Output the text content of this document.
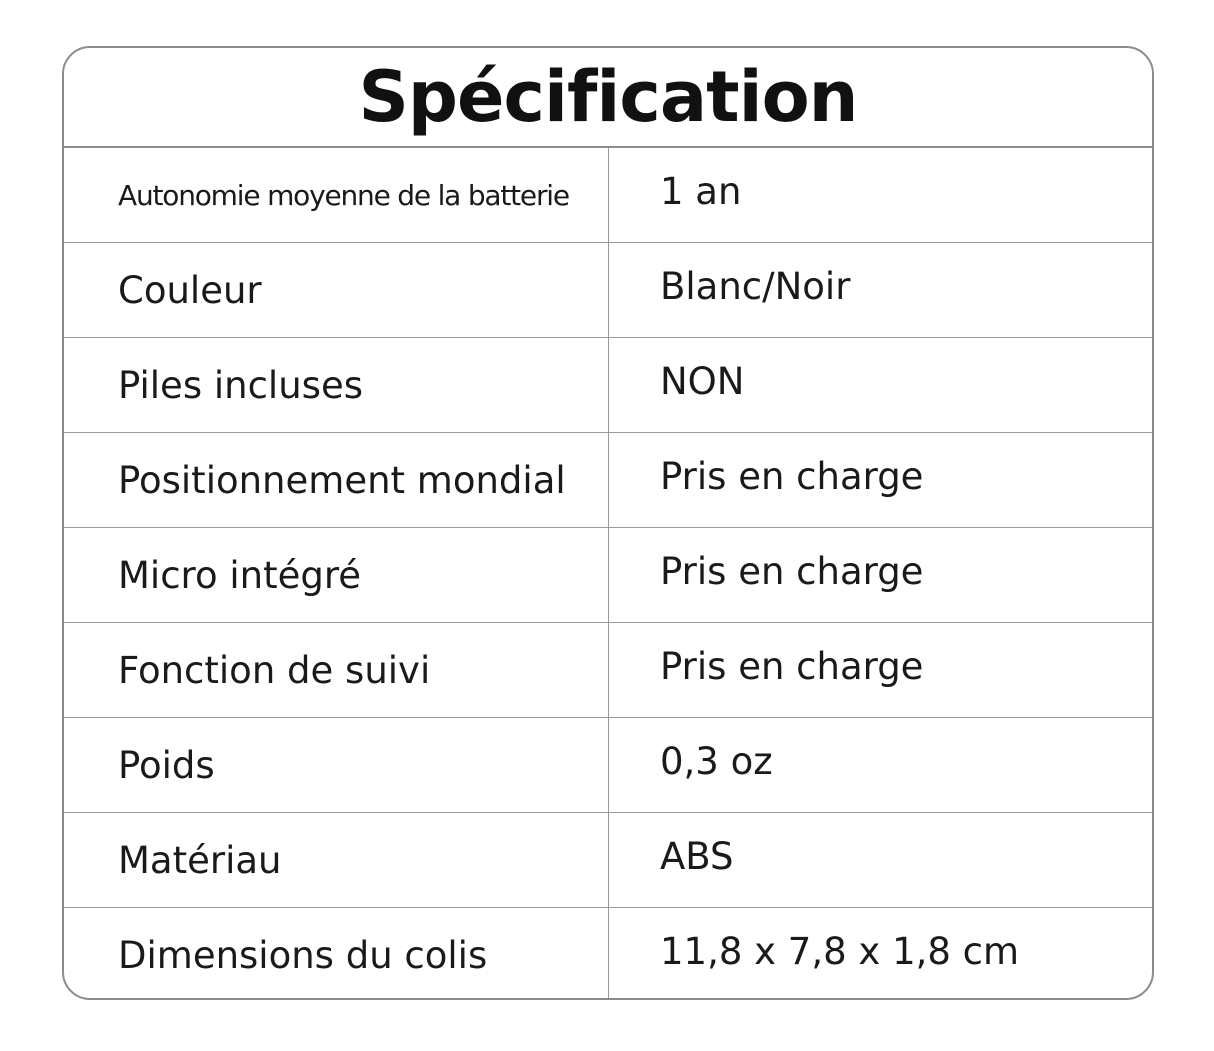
Spécification
Autonomie moyenne de la batterie	1 an
Couleur	Blanc/Noir
Piles incluses	NON
Positionnement mondial	Pris en charge
Micro intégré	Pris en charge
Fonction de suivi	Pris en charge
Poids	0,3 oz
Matériau	ABS
Dimensions du colis	11,8 x 7,8 x 1,8 cm
